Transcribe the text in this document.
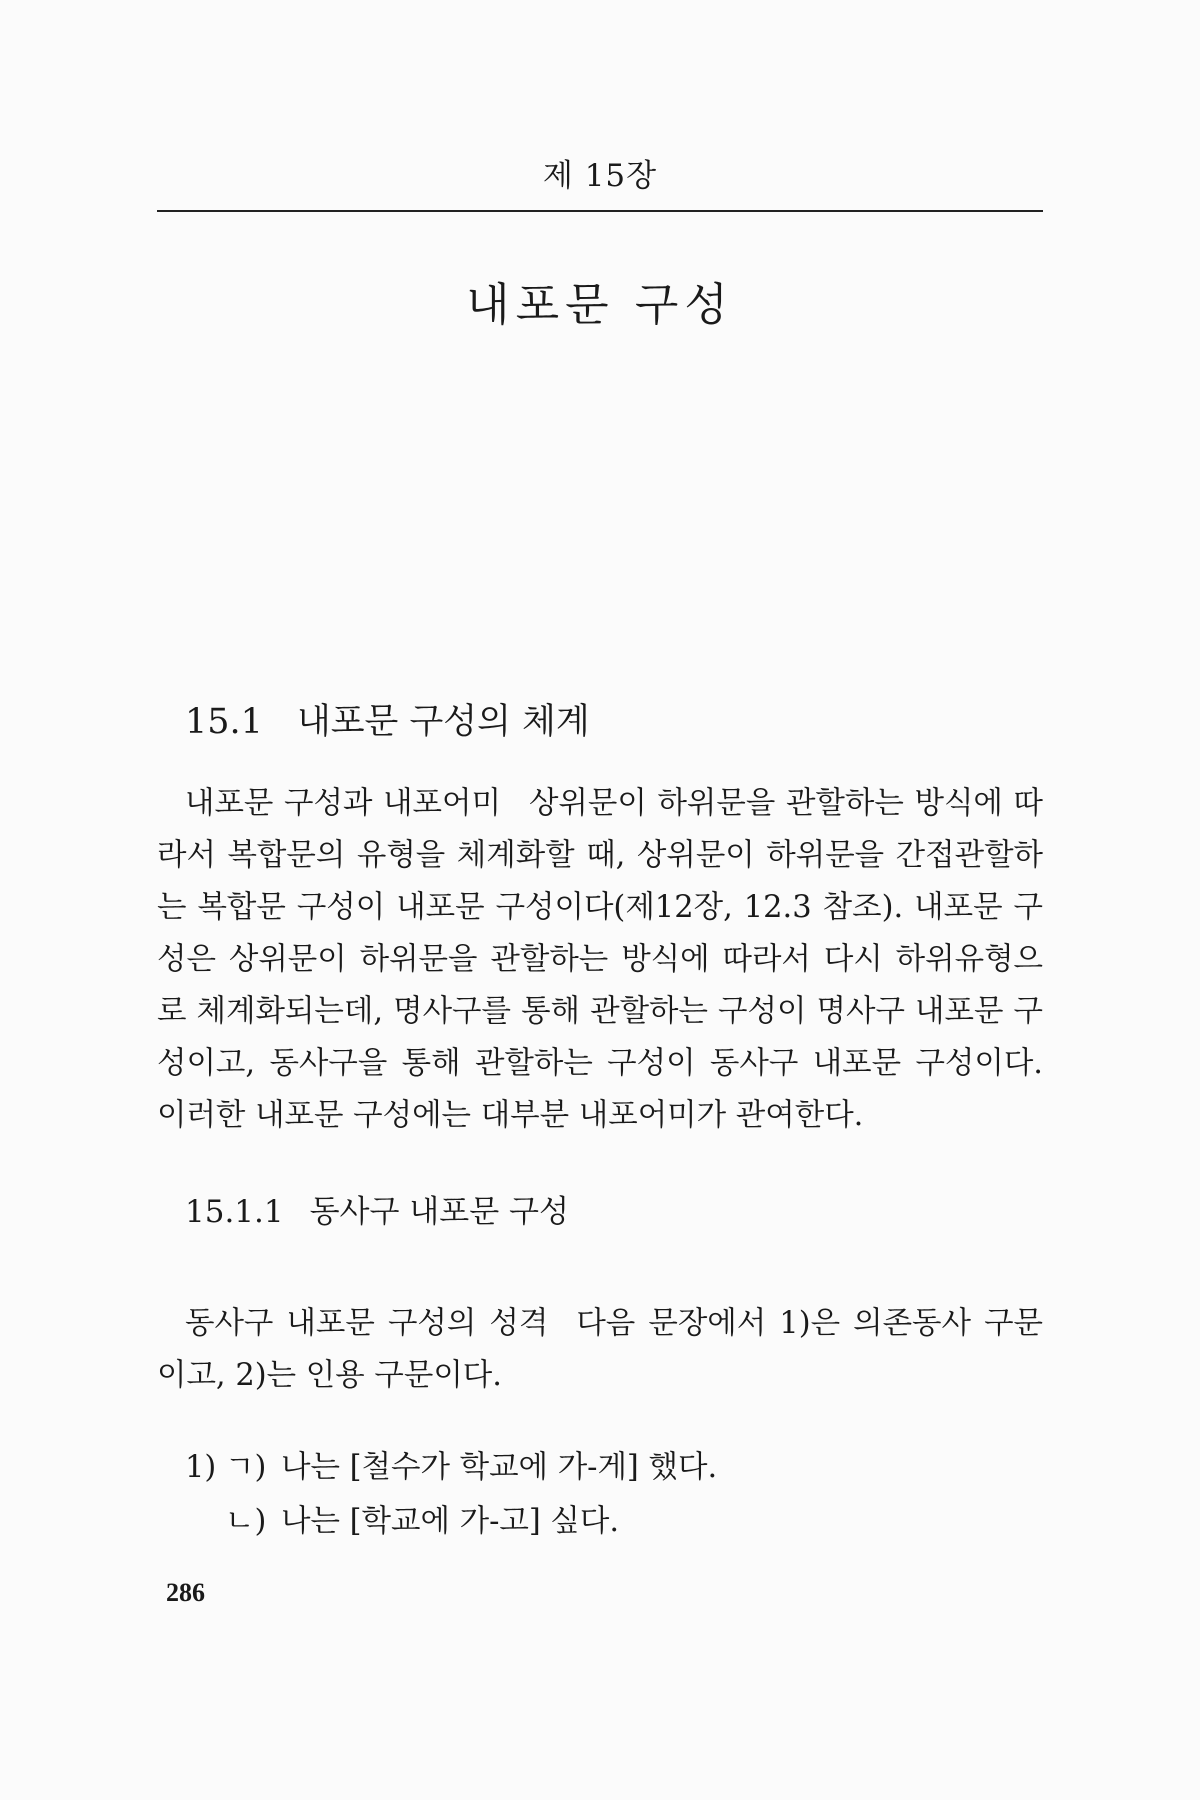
제 15장
내포문 구성
15.1 내포문 구성의 체계

내포문 구성과 내포어미 상위문이 하위문을 관할하는 방식에 따라서 복합문의 유형을 체계화할 때, 상위문이 하위문을 간접관할하는 복합문 구성이 내포문 구성이다(제12장, 12.3 참조). 내포문 구성은 상위문이 하위문을 관할하는 방식에 따라서 다시 하위유형으로 체계화되는데, 명사구를 통해 관할하는 구성이 명사구 내포문 구성이고, 동사구을 통해 관할하는 구성이 동사구 내포문 구성이다. 이러한 내포문 구성에는 대부분 내포어미가 관여한다.

15.1.1 동사구 내포문 구성

동사구 내포문 구성의 성격 다음 문장에서 1)은 의존동사 구문이고, 2)는 인용 구문이다.

1) ㄱ) 나는 [철수가 학교에 가-게] 했다.
ㄴ) 나는 [학교에 가-고] 싶다.
286
